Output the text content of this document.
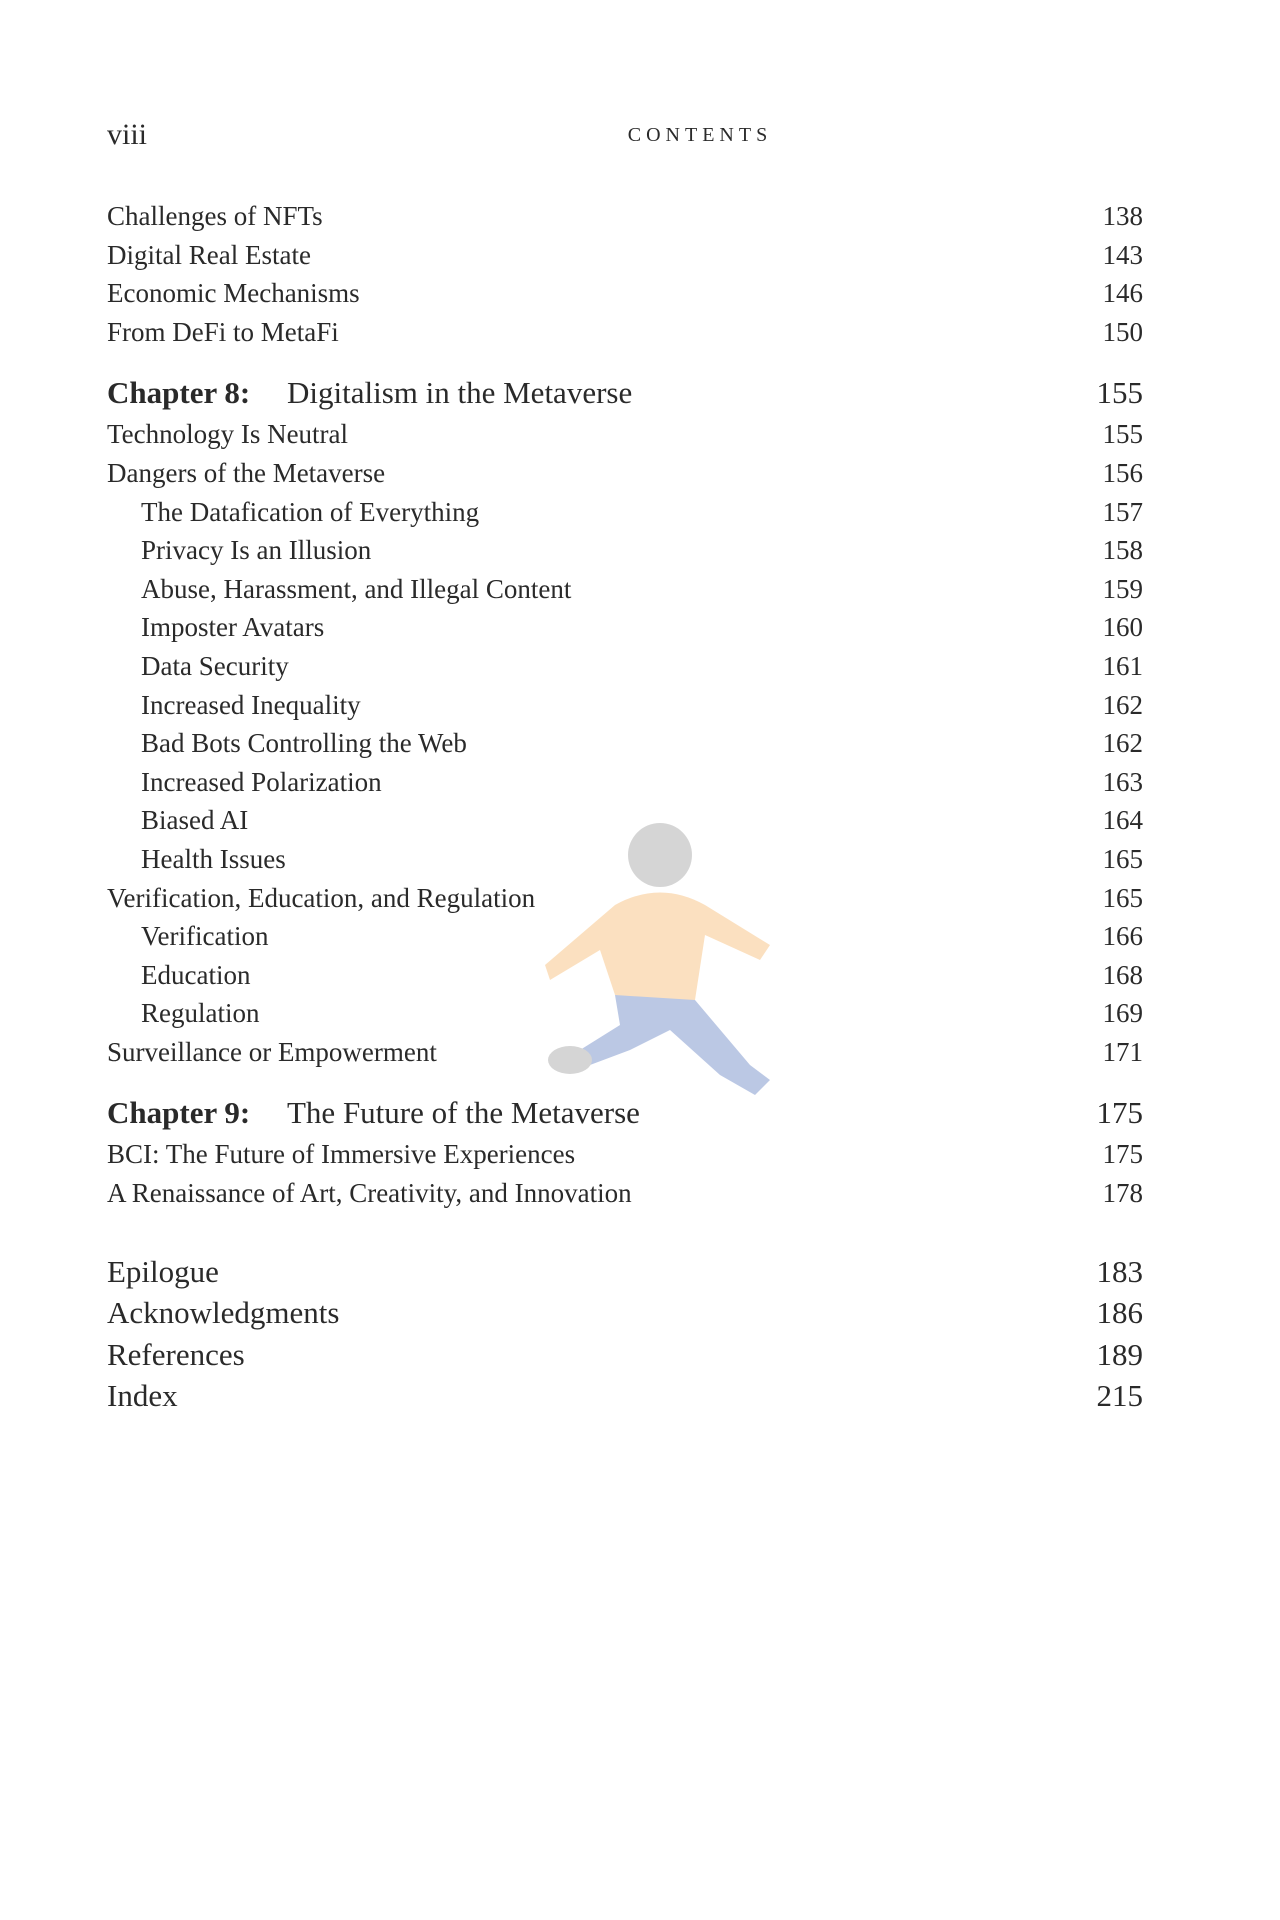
viii	CONTENTS
Challenges of NFTs	138
Digital Real Estate	143
Economic Mechanisms	146
From DeFi to MetaFi	150
Chapter 8: Digitalism in the Metaverse	155
Technology Is Neutral	155
Dangers of the Metaverse	156
The Datafication of Everything	157
Privacy Is an Illusion	158
Abuse, Harassment, and Illegal Content	159
Imposter Avatars	160
Data Security	161
Increased Inequality	162
Bad Bots Controlling the Web	162
Increased Polarization	163
Biased AI	164
Health Issues	165
Verification, Education, and Regulation	165
Verification	166
Education	168
Regulation	169
Surveillance or Empowerment	171
Chapter 9: The Future of the Metaverse	175
BCI: The Future of Immersive Experiences	175
A Renaissance of Art, Creativity, and Innovation	178
Epilogue	183
Acknowledgments	186
References	189
Index	215
